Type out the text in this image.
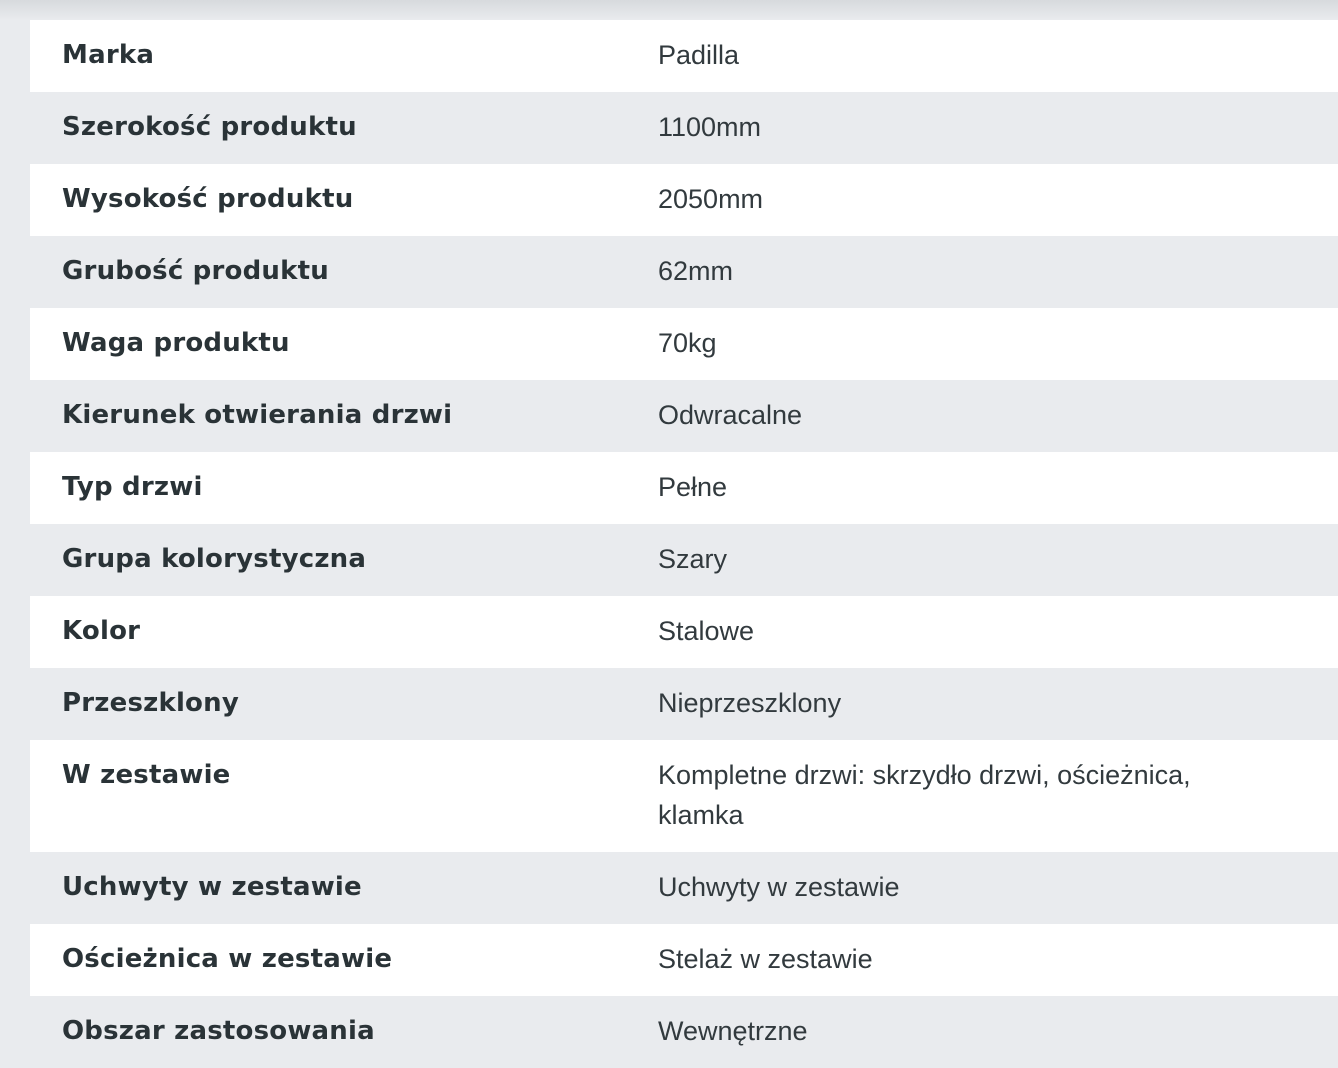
Marka	Padilla
Szerokość produktu	1100mm
Wysokość produktu	2050mm
Grubość produktu	62mm
Waga produktu	70kg
Kierunek otwierania drzwi	Odwracalne
Typ drzwi	Pełne
Grupa kolorystyczna	Szary
Kolor	Stalowe
Przeszklony	Nieprzeszklony
W zestawie	Kompletne drzwi: skrzydło drzwi, ościeżnica, klamka
Uchwyty w zestawie	Uchwyty w zestawie
Ościeżnica w zestawie	Stelaż w zestawie
Obszar zastosowania	Wewnętrzne
